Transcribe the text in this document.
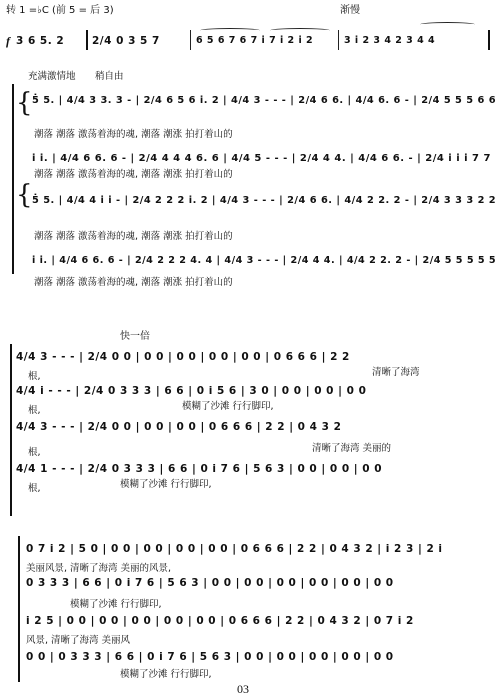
转 1 =♭C (前 5 = 后 3)	渐慢
f 3 6 5. 2	2/4 0 3 5 7	6 5 6 7 6 7 i 7 i 2 i 2	3 i 2 3 4 2 3 4 4
充满激情地 稍自由
{
{
5̇ 5. | 4/4 3 3. 3 - | 2/4 6 5 6 i. 2 | 4/4 3 - - - | 2/4 6 6. | 4/4 6. 6 - | 2/4 5 5 5 6 6
潮落 潮落 激荡着海的魂, 潮落 潮涨 拍打着山的
i i. | 4/4 6 6. 6 - | 2/4 4 4 4 6. 6 | 4/4 5 - - - | 2/4 4 4. | 4/4 6 6. - | 2/4 i i i 7 7
潮落 潮落 激荡着海的魂, 潮落 潮涨 拍打着山的
5̇ 5. | 4/4 4 i i - | 2/4 2 2 2 i. 2 | 4/4 3 - - - | 2/4 6 6. | 4/4 2 2. 2 - | 2/4 3 3 3 2 2
潮落 潮落 激荡着海的魂, 潮落 潮涨 拍打着山的
i i. | 4/4 6 6. 6 - | 2/4 2 2 2 4. 4 | 4/4 3 - - - | 2/4 4 4. | 4/4 2 2. 2 - | 2/4 5 5 5 5 5
潮落 潮落 激荡着海的魂, 潮落 潮涨 拍打着山的
快一倍
4/4 3 - - - | 2/4 0 0 | 0 0 | 0 0 | 0 0 | 0 0 | 0 6 6 6 | 2 2
根,	清晰了海湾
4/4 i - - - | 2/4 0 3 3 3 | 6 6 | 0 i 5 6 | 3 0 | 0 0 | 0 0 | 0 0
根,	模糊了沙滩 行行脚印,
4/4 3 - - - | 2/4 0 0 | 0 0 | 0 0 | 0 6 6 6 | 2 2 | 0 4 3 2
根,	清晰了海湾 美丽的
4/4 1 - - - | 2/4 0 3 3 3 | 6 6 | 0 i 7 6 | 5 6 3 | 0 0 | 0 0 | 0 0
根,	模糊了沙滩 行行脚印,
0 7 i 2 | 5 0 | 0 0 | 0 0 | 0 0 | 0 0 | 0 6 6 6 | 2 2 | 0 4 3 2 | i 2 3 | 2 i
美丽风景, 清晰了海湾 美丽的风景,
0 3 3 3 | 6 6 | 0 i 7 6 | 5 6 3 | 0 0 | 0 0 | 0 0 | 0 0 | 0 0 | 0 0
模糊了沙滩 行行脚印,
i 2 5 | 0 0 | 0 0 | 0 0 | 0 0 | 0 0 | 0 6 6 6 | 2 2 | 0 4 3 2 | 0 7 i 2
风景, 清晰了海湾 美丽风
0 0 | 0 3 3 3 | 6 6 | 0 i 7 6 | 5 6 3 | 0 0 | 0 0 | 0 0 | 0 0 | 0 0
模糊了沙滩 行行脚印,
03
